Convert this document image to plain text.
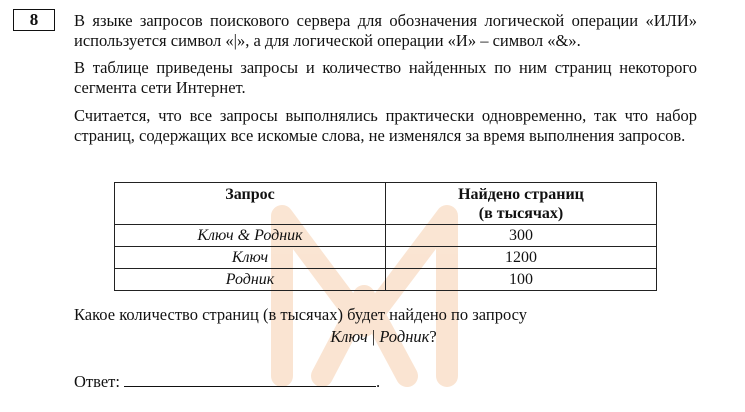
8	В языке запросов поискового сервера для обозначения логической операции «ИЛИ» используется символ «|», а для логической операции «И» – символ «&».

В таблице приведены запросы и количество найденных по ним страниц некоторого сегмента сети Интернет.

Считается, что все запросы выполнялись практически одновременно, так что набор страниц, содержащих все искомые слова, не изменялся за время выполнения запросов.

Запрос	Найдено страниц
(в тысячах)

Ключ & Родник	300
Ключ	1200
Родник	100
Какое количество страниц (в тысячах) будет найдено по запросу
Ключ | Родник?
Ответ:	.
